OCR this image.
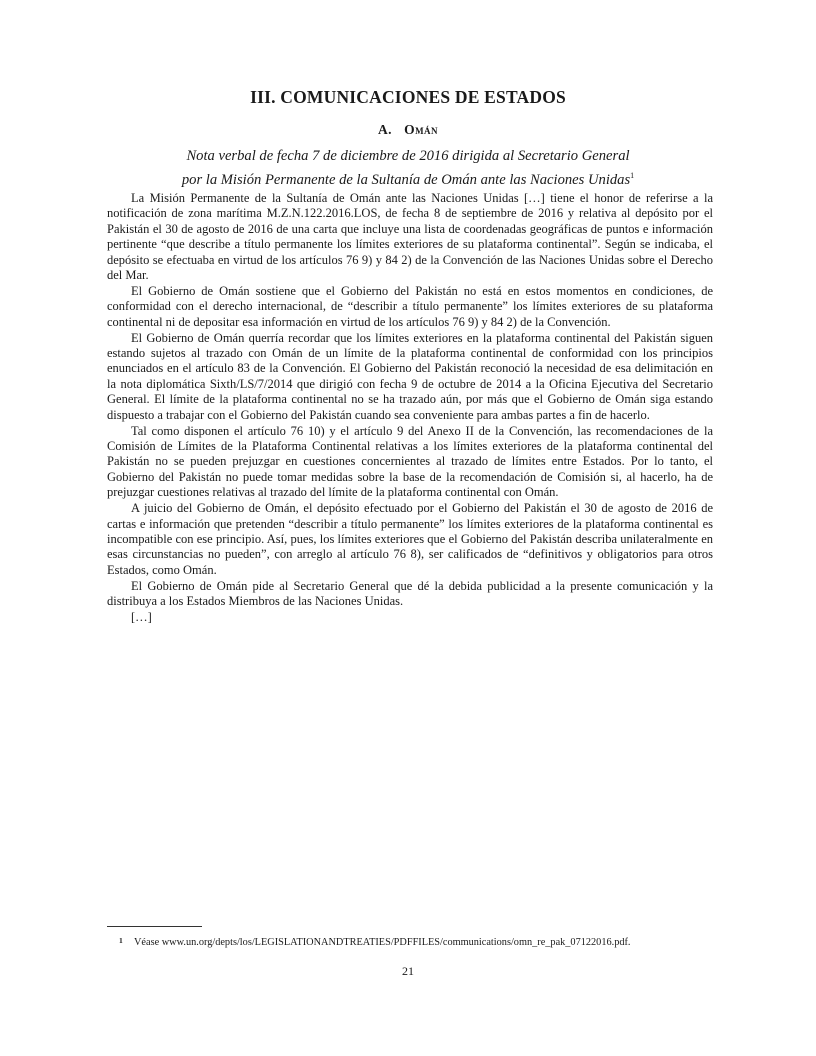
III. COMUNICACIONES DE ESTADOS
A. Omán
Nota verbal de fecha 7 de diciembre de 2016 dirigida al Secretario General
por la Misión Permanente de la Sultanía de Omán ante las Naciones Unidas$^1$

La Misión Permanente de la Sultanía de Omán ante las Naciones Unidas […] tiene el honor de referirse a la notificación de zona marítima M.Z.N.122.2016.LOS, de fecha 8 de septiembre de 2016 y relativa al depósito por el Pakistán el 30 de agosto de 2016 de una carta que incluye una lista de coordenadas geográficas de puntos e información pertinente “que describe a título permanente los límites exteriores de su plataforma continental”. Según se indicaba, el depósito se efectuaba en virtud de los artículos 76 9) y 84 2) de la Convención de las Naciones Unidas sobre el Derecho del Mar.

El Gobierno de Omán sostiene que el Gobierno del Pakistán no está en estos momentos en condiciones, de conformidad con el derecho internacional, de “describir a título permanente” los límites exteriores de su plataforma continental ni de depositar esa información en virtud de los artículos 76 9) y 84 2) de la Convención.

El Gobierno de Omán querría recordar que los límites exteriores en la plataforma continental del Pakistán siguen estando sujetos al trazado con Omán de un límite de la plataforma continental de conformidad con los principios enunciados en el artículo 83 de la Convención. El Gobierno del Pakistán reconoció la necesidad de esa delimitación en la nota diplomática Sixth/LS/7/2014 que dirigió con fecha 9 de octubre de 2014 a la Oficina Ejecutiva del Secretario General. El límite de la plataforma continental no se ha trazado aún, por más que el Gobierno de Omán siga estando dispuesto a trabajar con el Gobierno del Pakistán cuando sea conveniente para ambas partes a fin de hacerlo.

Tal como disponen el artículo 76 10) y el artículo 9 del Anexo II de la Convención, las recomendaciones de la Comisión de Límites de la Plataforma Continental relativas a los límites exteriores de la plataforma continental del Pakistán no se pueden prejuzgar en cuestiones concernientes al trazado de límites entre Estados. Por lo tanto, el Gobierno del Pakistán no puede tomar medidas sobre la base de la recomendación de Comisión si, al hacerlo, ha de prejuzgar cuestiones relativas al trazado del límite de la plataforma continental con Omán.

A juicio del Gobierno de Omán, el depósito efectuado por el Gobierno del Pakistán el 30 de agosto de 2016 de cartas e información que pretenden “describir a título permanente” los límites exteriores de la plataforma continental es incompatible con ese principio. Así, pues, los límites exteriores que el Gobierno del Pakistán describa unilateralmente en esas circunstancias no pueden”, con arreglo al artículo 76 8), ser calificados de “definitivos y obligatorios para otros Estados, como Omán.

El Gobierno de Omán pide al Secretario General que dé la debida publicidad a la presente comunicación y la distribuya a los Estados Miembros de las Naciones Unidas.

[…]

1 Véase www.un.org/depts/los/LEGISLATIONANDTREATIES/PDFFILES/communications/omn_re_pak_07122016.pdf.
21
